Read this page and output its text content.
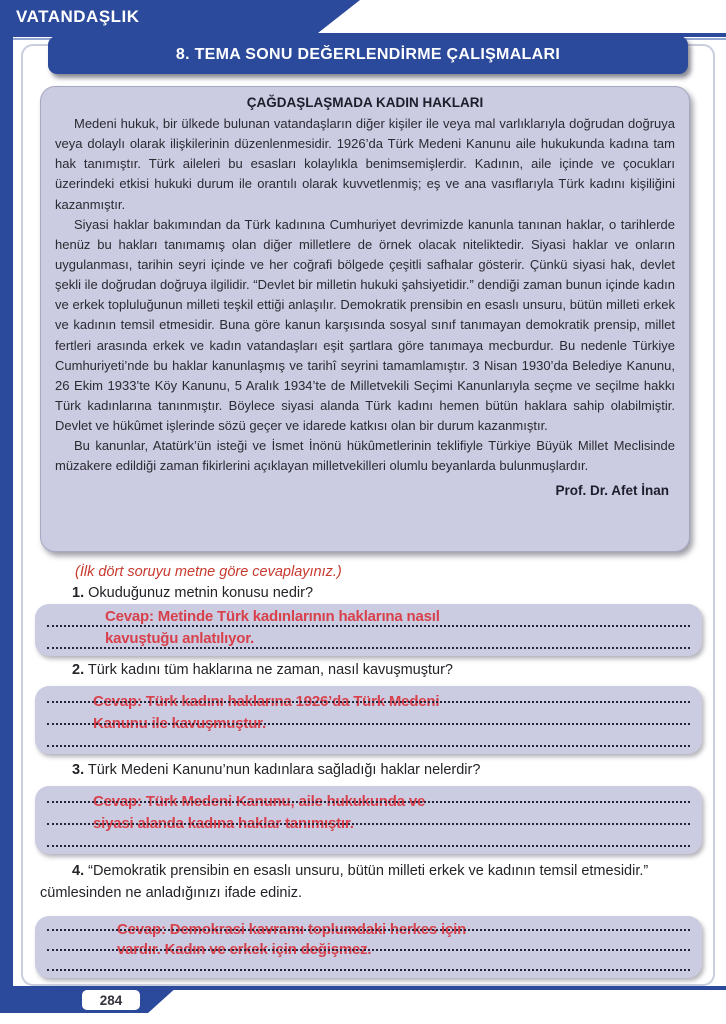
VATANDAŞLIK
8. TEMA SONU DEĞERLENDİRME ÇALIŞMALARI
ÇAĞDAŞLAŞMADA KADIN HAKLARI

Medeni hukuk, bir ülkede bulunan vatandaşların diğer kişiler ile veya mal varlıklarıyla doğrudan doğruya veya dolaylı olarak ilişkilerinin düzenlenmesidir. 1926’da Türk Medeni Kanunu aile hukukunda kadına tam hak tanımıştır. Türk aileleri bu esasları kolaylıkla benimsemişlerdir. Kadının, aile içinde ve çocukları üzerindeki etkisi hukuki durum ile orantılı olarak kuvvetlenmiş; eş ve ana vasıflarıyla Türk kadını kişiliğini kazanmıştır.

Siyasi haklar bakımından da Türk kadınına Cumhuriyet devrimizde kanunla tanınan haklar, o tarihlerde henüz bu hakları tanımamış olan diğer milletlere de örnek olacak niteliktedir. Siyasi haklar ve onların uygulanması, tarihin seyri içinde ve her coğrafi bölgede çeşitli safhalar gösterir. Çünkü siyasi hak, devlet şekli ile doğrudan doğruya ilgilidir. “Devlet bir milletin hukuki şahsiyetidir.” dendiği zaman bunun içinde kadın ve erkek topluluğunun milleti teşkil ettiği anlaşılır. Demokratik prensibin en esaslı unsuru, bütün milleti erkek ve kadının temsil etmesidir. Buna göre kanun karşısında sosyal sınıf tanımayan demokratik prensip, millet fertleri arasında erkek ve kadın vatandaşları eşit şartlara göre tanımaya mecburdur. Bu nedenle Türkiye Cumhuriyeti’nde bu haklar kanunlaşmış ve tarihî seyrini tamamlamıştır. 3 Nisan 1930’da Belediye Kanunu, 26 Ekim 1933’te Köy Kanunu, 5 Aralık 1934’te de Milletvekili Seçimi Kanunlarıyla seçme ve seçilme hakkı Türk kadınlarına tanınmıştır. Böylece siyasi alanda Türk kadını hemen bütün haklara sahip olabilmiştir. Devlet ve hükûmet işlerinde sözü geçer ve idarede katkısı olan bir durum kazanmıştır.

Bu kanunlar, Atatürk’ün isteği ve İsmet İnönü hükûmetlerinin teklifiyle Türkiye Büyük Millet Meclisinde müzakere edildiği zaman fikirlerini açıklayan milletvekilleri olumlu beyanlarda bulunmuşlardır.

Prof. Dr. Afet İnan
(İlk dört soruyu metne göre cevaplayınız.)
1. Okuduğunuz metnin konusu nedir?
Cevap: Metinde Türk kadınlarının haklarına nasıl
kavuştuğu anlatılıyor.
2. Türk kadını tüm haklarına ne zaman, nasıl kavuşmuştur?
Cevap: Türk kadını haklarına 1926’da Türk Medeni
Kanunu ile kavuşmuştur.
3. Türk Medeni Kanunu’nun kadınlara sağladığı haklar nelerdir?
Cevap: Türk Medeni Kanunu, aile hukukunda ve
siyasi alanda kadına haklar tanımıştır.
4. “Demokratik prensibin en esaslı unsuru, bütün milleti erkek ve kadının temsil etmesidir.” cümlesinden ne anladığınızı ifade ediniz.
Cevap: Demokrasi kavramı toplumdaki herkes için
vardır. Kadın ve erkek için değişmez.
284
